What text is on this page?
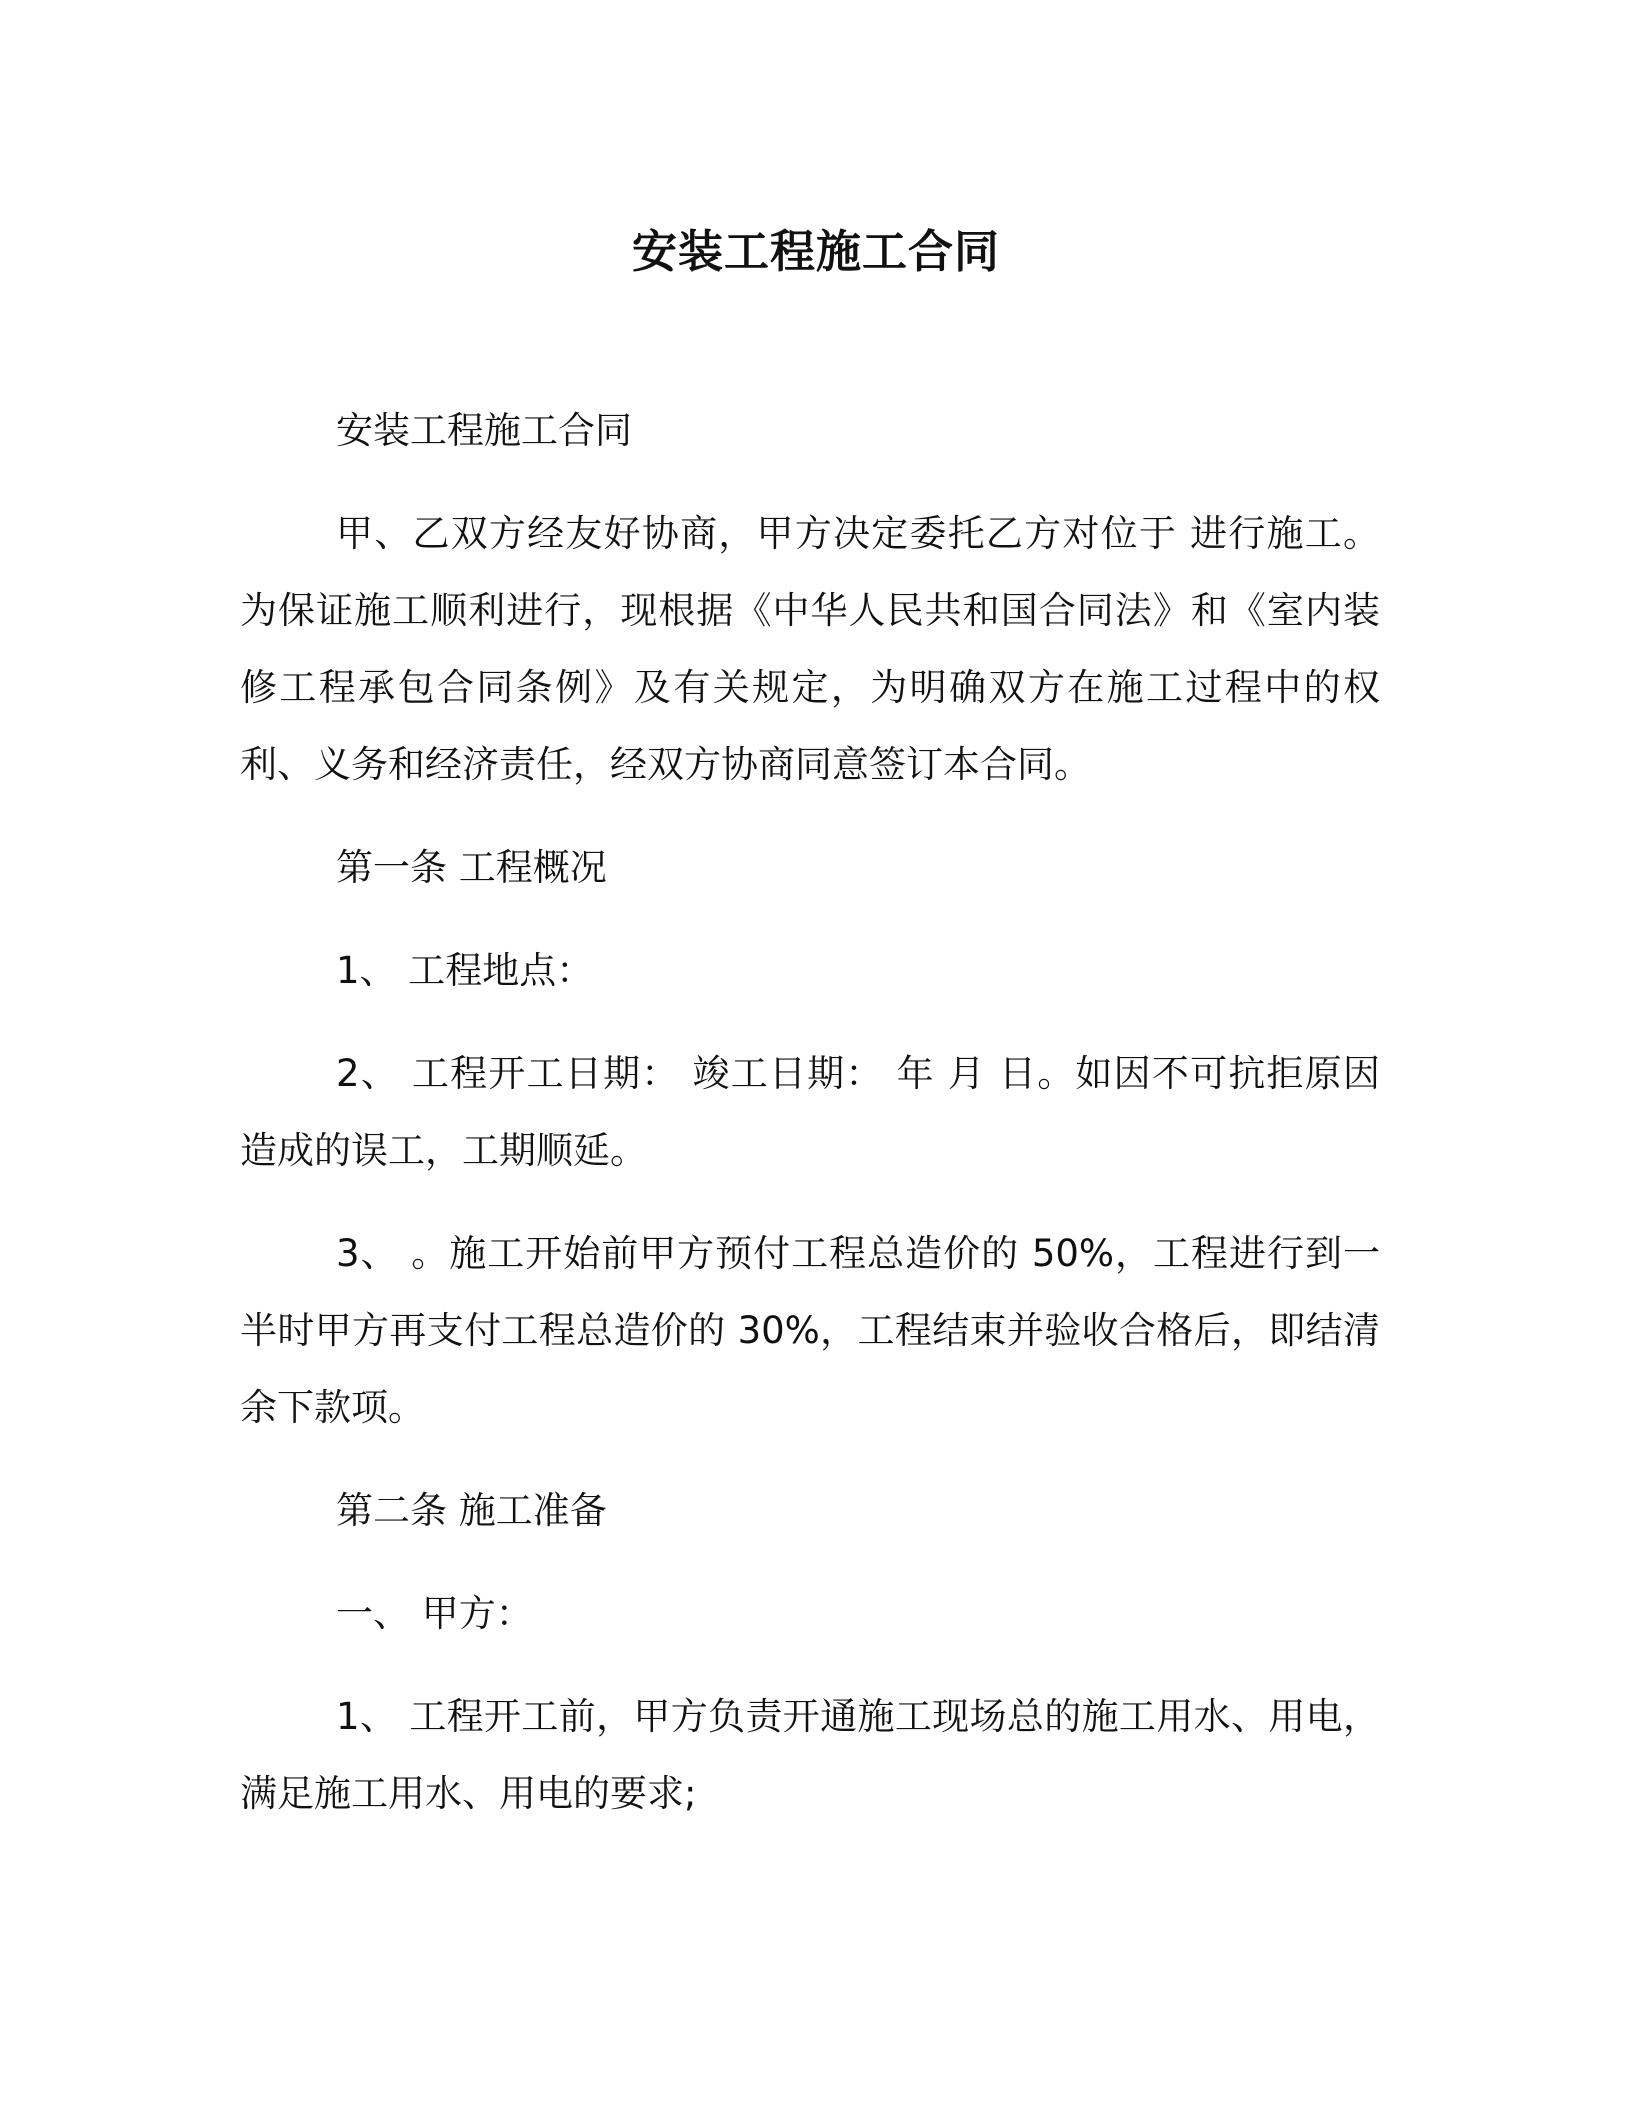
安装工程施工合同

安装工程施工合同

甲、乙双方经友好协商，甲方决定委托乙方对位于 进行施工。为保证施工顺利进行，现根据《中华人民共和国合同法》和《室内装修工程承包合同条例》及有关规定，为明确双方在施工过程中的权利、义务和经济责任，经双方协商同意签订本合同。

第一条 工程概况

1、 工程地点：

2、 工程开工日期： 竣工日期： 年 月 日。如因不可抗拒原因造成的误工，工期顺延。

3、 。施工开始前甲方预付工程总造价的 50%，工程进行到一半时甲方再支付工程总造价的 30%，工程结束并验收合格后，即结清余下款项。

第二条 施工准备

一、 甲方：

1、 工程开工前，甲方负责开通施工现场总的施工用水、用电，满足施工用水、用电的要求;
